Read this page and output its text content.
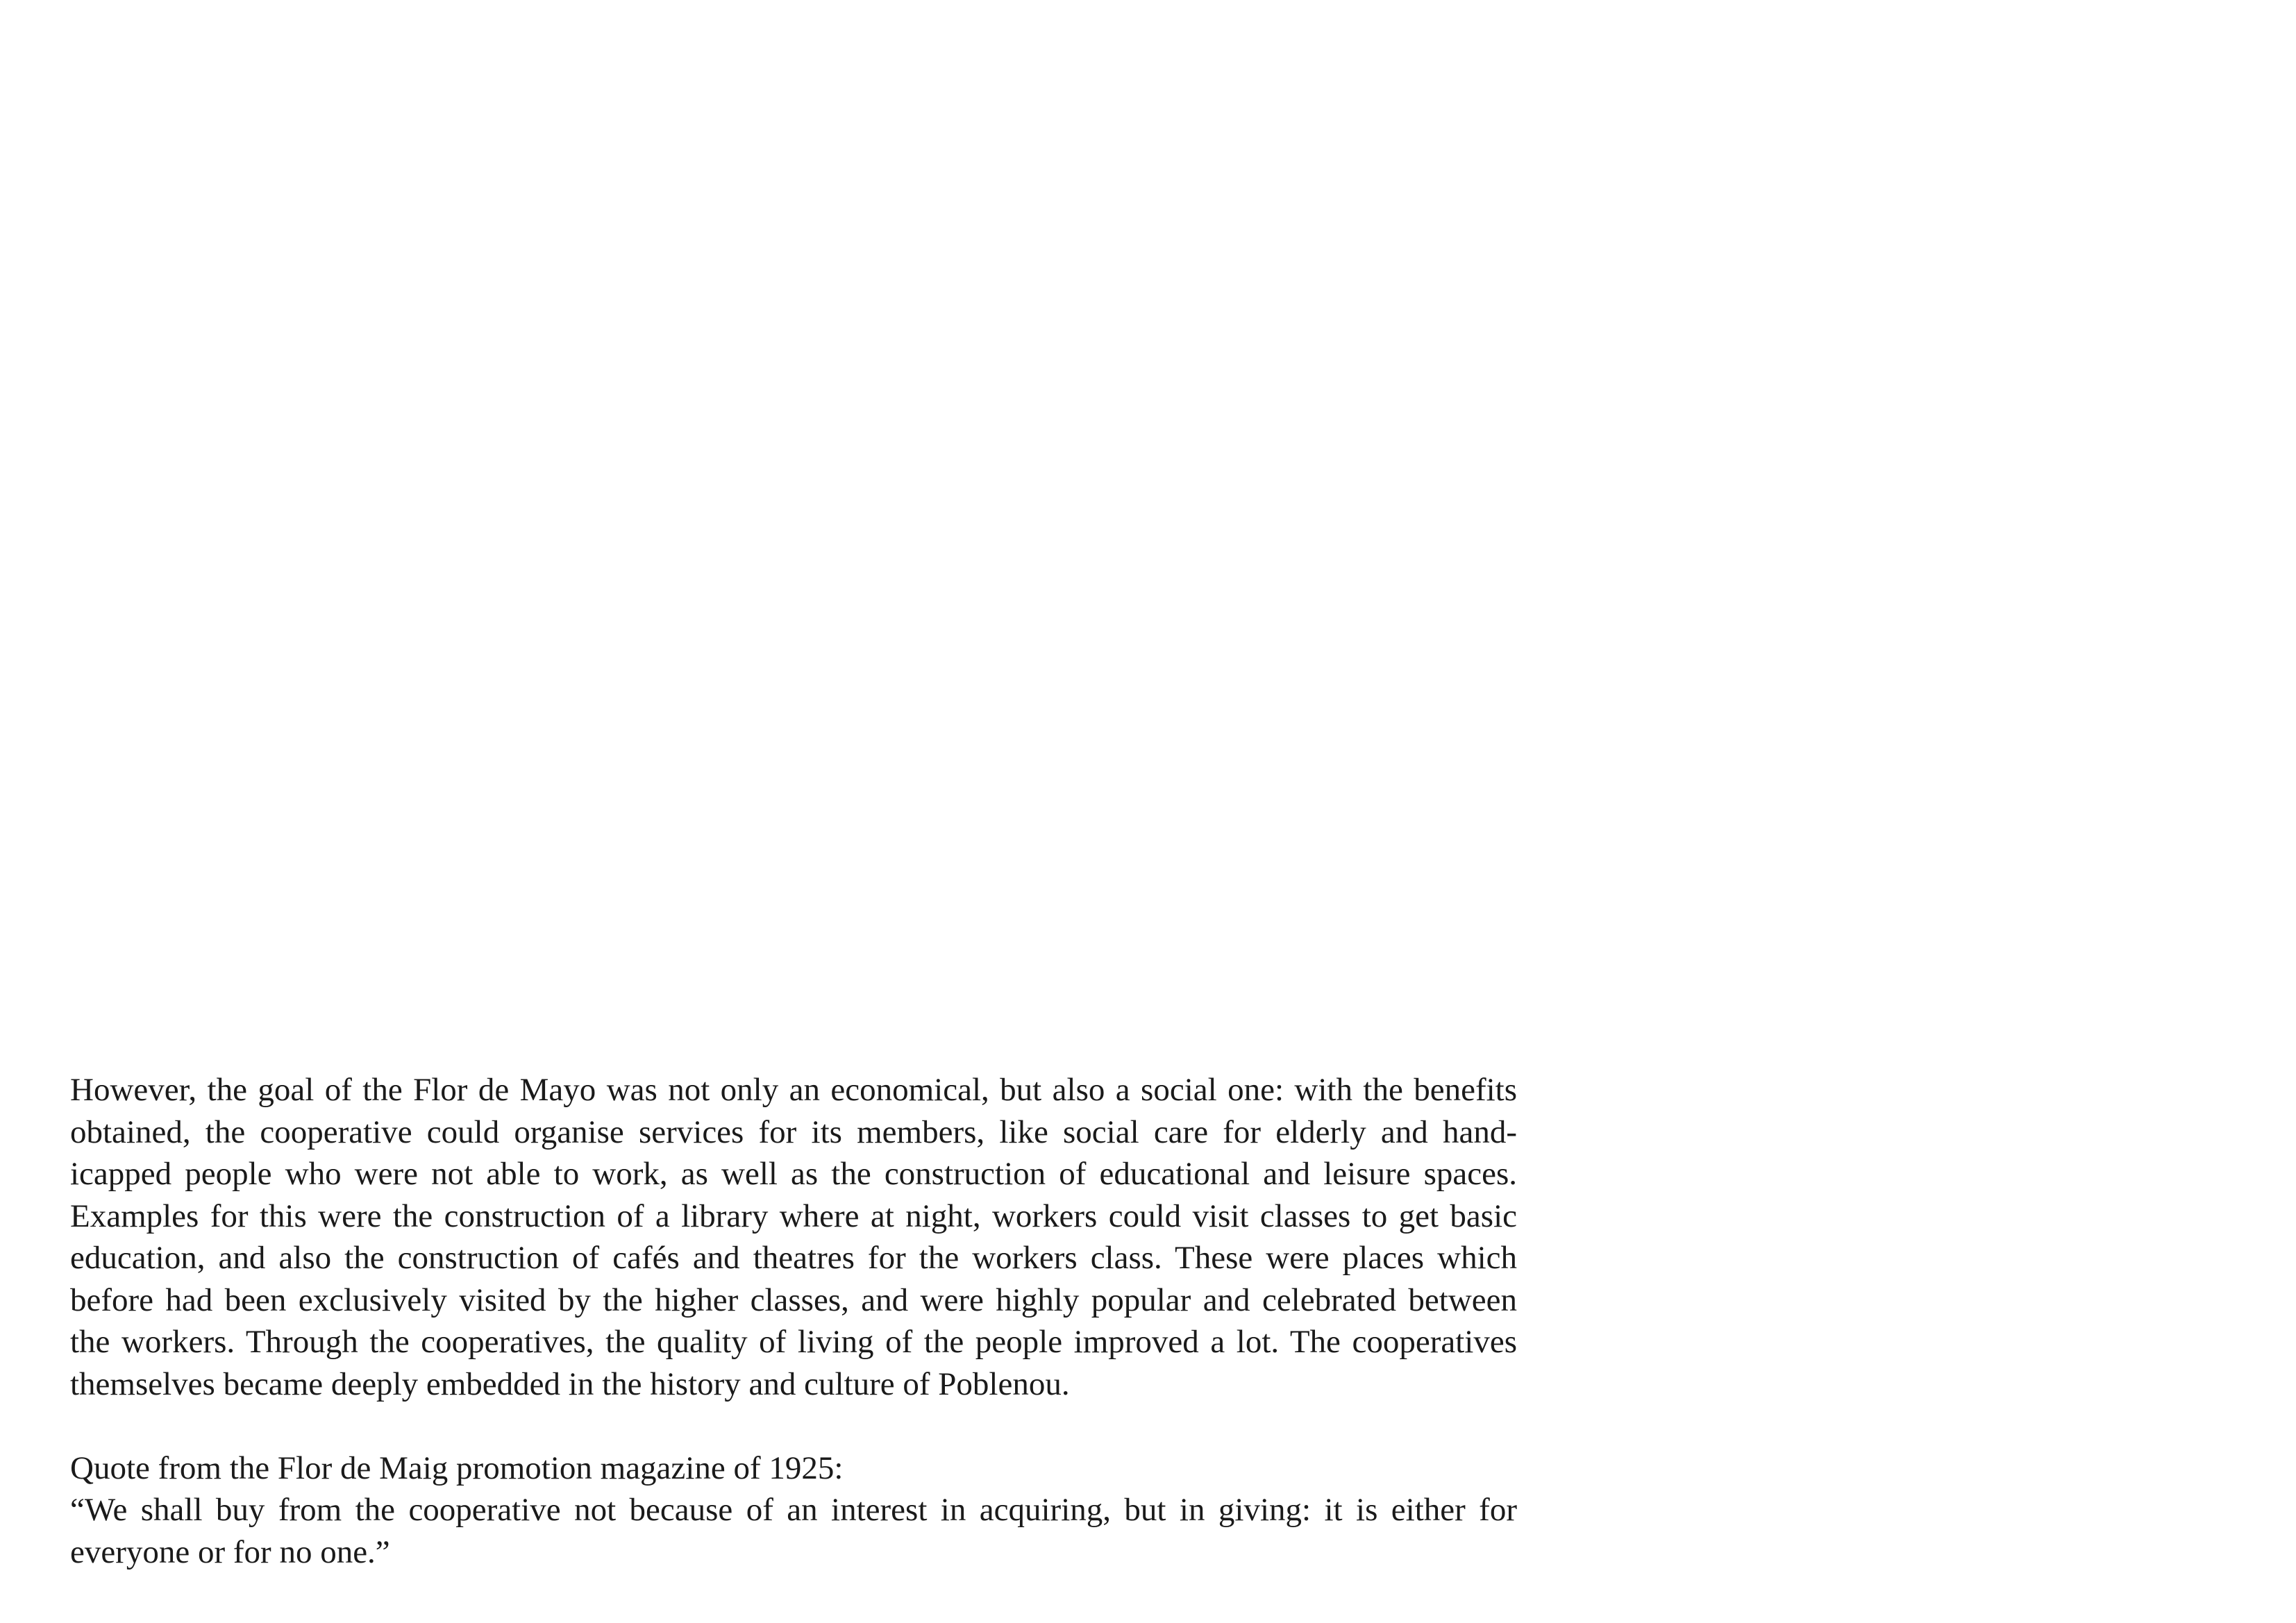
However, the goal of the Flor de Mayo was not only an economical, but also a social one: with the benefits
obtained, the cooperative could organise services for its members, like social care for elderly and hand-
icapped people who were not able to work, as well as the construction of educational and leisure spaces.
Examples for this were the construction of a library where at night, workers could visit classes to get basic
education, and also the construction of cafés and theatres for the workers class. These were places which
before had been exclusively visited by the higher classes, and were highly popular and celebrated between
the workers. Through the cooperatives, the quality of living of the people improved a lot. The cooperatives
themselves became deeply embedded in the history and culture of Poblenou.
Quote from the Flor de Maig promotion magazine of 1925:
“We shall buy from the cooperative not because of an interest in acquiring, but in giving: it is either for
everyone or for no one.”
